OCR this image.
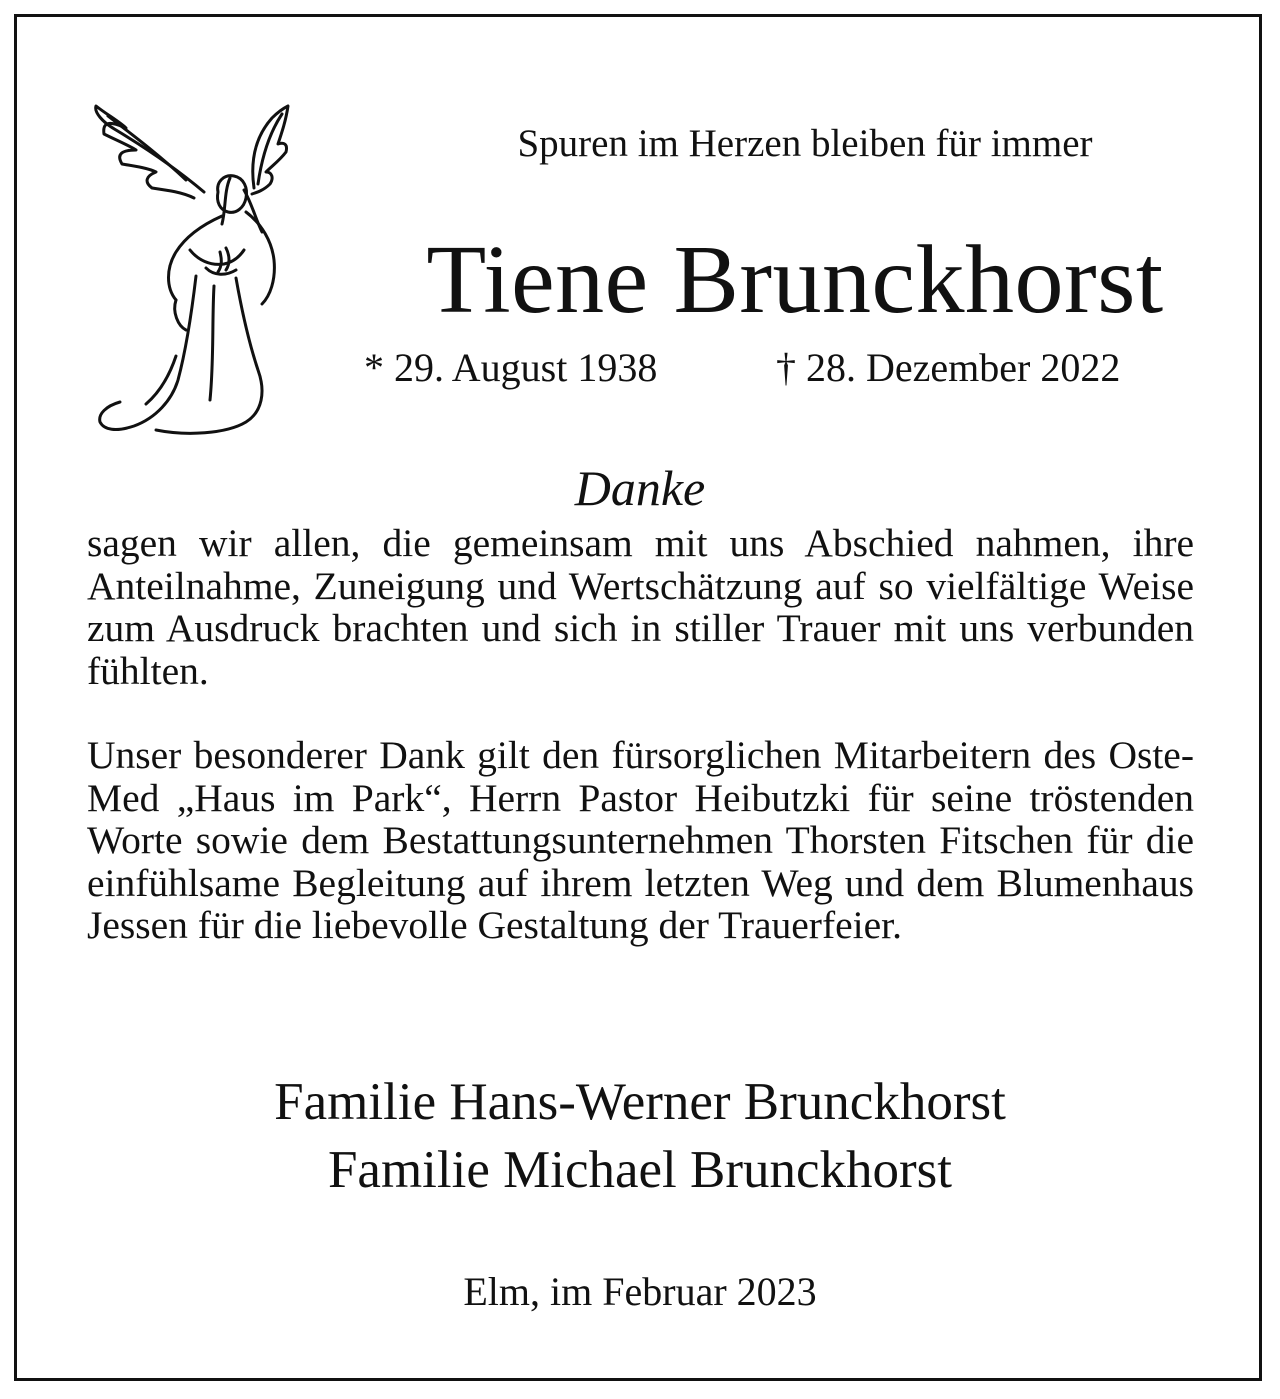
Spuren im Herzen bleiben für immer
Tiene Brunckhorst
* 29. August 1938	† 28. Dezember 2022
Danke

sagen wir allen, die gemeinsam mit uns Abschied nahmen, ihre Anteilnahme, Zuneigung und Wertschätzung auf so vielfältige Weise zum Ausdruck brachten und sich in stiller Trauer mit uns verbunden fühlten.

Unser besonderer Dank gilt den fürsorglichen Mitarbeitern des Oste-Med „Haus im Park“, Herrn Pastor Heibutzki für seine tröstenden Worte sowie dem Bestattungsunternehmen Thorsten Fitschen für die einfühlsame Begleitung auf ihrem letzten Weg und dem Blumenhaus Jessen für die liebevolle Gestaltung der Trauerfeier.

Familie Hans-Werner Brunckhorst
Familie Michael Brunckhorst
Elm, im Februar 2023
